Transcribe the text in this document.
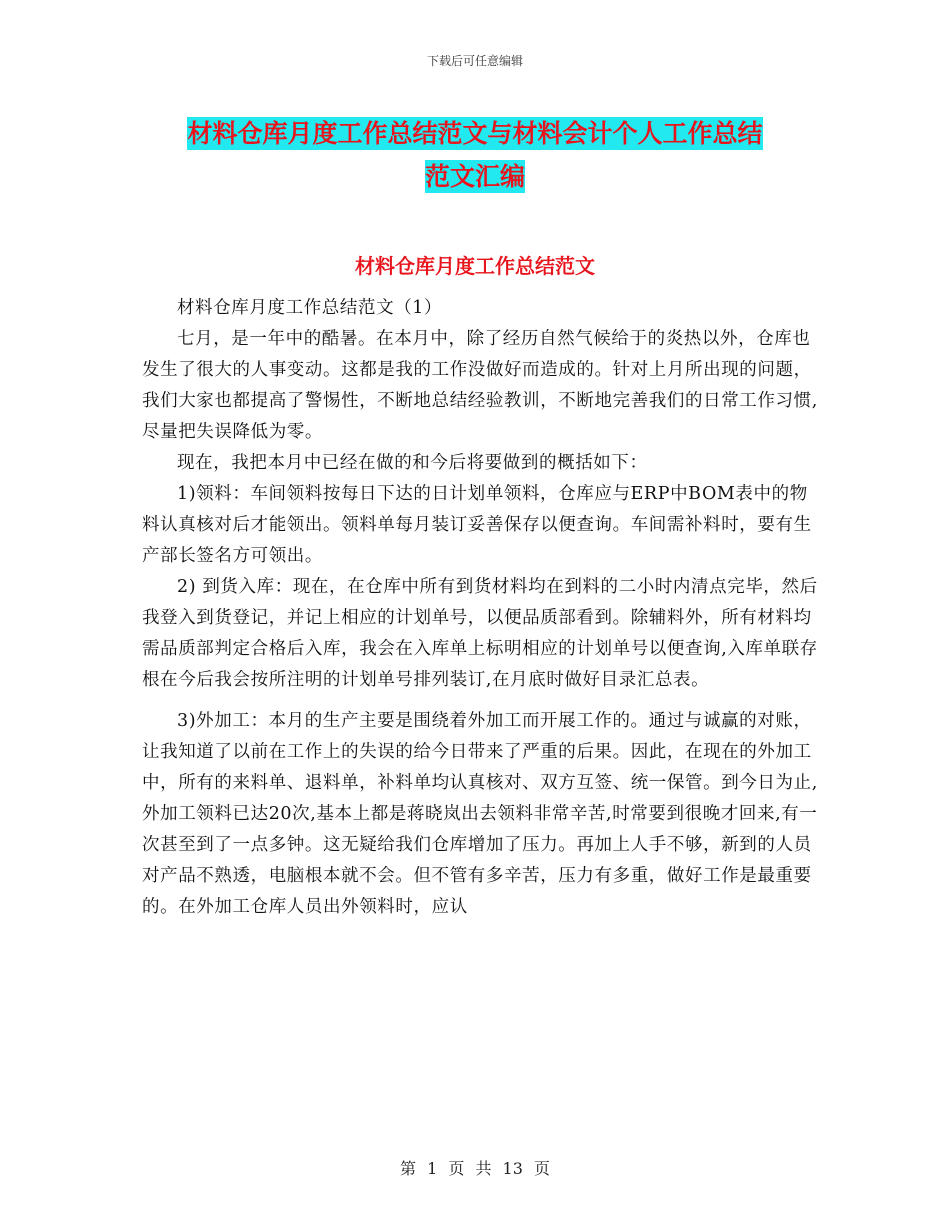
下载后可任意编辑
材料仓库月度工作总结范文与材料会计个人工作总结
范文汇编
材料仓库月度工作总结范文

材料仓库月度工作总结范文（1）

七月，是一年中的酷暑。在本月中，除了经历自然气候给于的炎热以外，仓库也发生了很大的人事变动。这都是我的工作没做好而造成的。针对上月所出现的问题，我们大家也都提高了警惕性，不断地总结经验教训，不断地完善我们的日常工作习惯,尽量把失误降低为零。

现在，我把本月中已经在做的和今后将要做到的概括如下：

1)领料：车间领料按每日下达的日计划单领料，仓库应与ERP中BOM表中的物料认真核对后才能领出。领料单每月装订妥善保存以便查询。车间需补料时，要有生产部长签名方可领出。

2) 到货入库：现在，在仓库中所有到货材料均在到料的二小时内清点完毕，然后我登入到货登记，并记上相应的计划单号，以便品质部看到。除辅料外，所有材料均需品质部判定合格后入库，我会在入库单上标明相应的计划单号以便查询,入库单联存根在今后我会按所注明的计划单号排列装订,在月底时做好目录汇总表。

3)外加工：本月的生产主要是围绕着外加工而开展工作的。通过与诚赢的对账，让我知道了以前在工作上的失误的给今日带来了严重的后果。因此，在现在的外加工中，所有的来料单、退料单，补料单均认真核对、双方互签、统一保管。到今日为止,外加工领料已达20次,基本上都是蒋晓岚出去领料非常辛苦,时常要到很晚才回来,有一次甚至到了一点多钟。这无疑给我们仓库增加了压力。再加上人手不够，新到的人员对产品不熟透，电脑根本就不会。但不管有多辛苦，压力有多重，做好工作是最重要的。在外加工仓库人员出外领料时，应认

第 1 页 共 13 页
